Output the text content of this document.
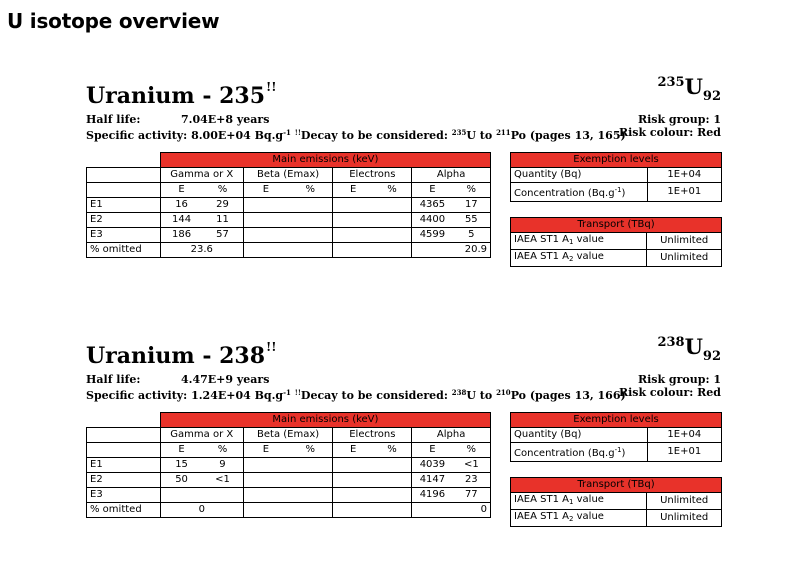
U isotope overview
Uranium - 235!!	$^{235}U_{92}$
Half life:	7.04E+8 years
Specific activity: 8.00E+04 $Bq.g^{-1}$ !!Decay to be considered: $^{235}$U to $^{211}$Po (pages 13, 165)
Risk group: 1
Risk colour: Red
	Main emissions (keV)							
	Gamma or X		Beta (Emax)		Electrons		Alpha	
	E	%	E	%	E	%	E	%
E1	16	29					4365	17
E2	144	11					4400	55
E3	186	57					4599	5
% omitted	23.6						20.9	
Exemption levels	
Quantity (Bq)	1E+04
Concentration $(Bq.g^{-1})$	1E+01
Transport (TBq)	
IAEA ST1 $A_1$ value	Unlimited
IAEA ST1 $A_2$ value	Unlimited
Uranium - 238!!	$^{238}U_{92}$
Half life:	4.47E+9 years
Specific activity: 1.24E+04 $Bq.g^{-1}$ !!Decay to be considered: $^{238}$U to $^{210}$Po (pages 13, 166)
Risk group: 1
Risk colour: Red
	Main emissions (keV)							
	Gamma or X		Beta (Emax)		Electrons		Alpha	
	E	%	E	%	E	%	E	%
E1	15	9					4039	<1
E2	50	<1					4147	23
E3							4196	77
% omitted	0						0	
Exemption levels	
Quantity (Bq)	1E+04
Concentration $(Bq.g^{-1})$	1E+01
Transport (TBq)	
IAEA ST1 $A_1$ value	Unlimited
IAEA ST1 $A_2$ value	Unlimited
